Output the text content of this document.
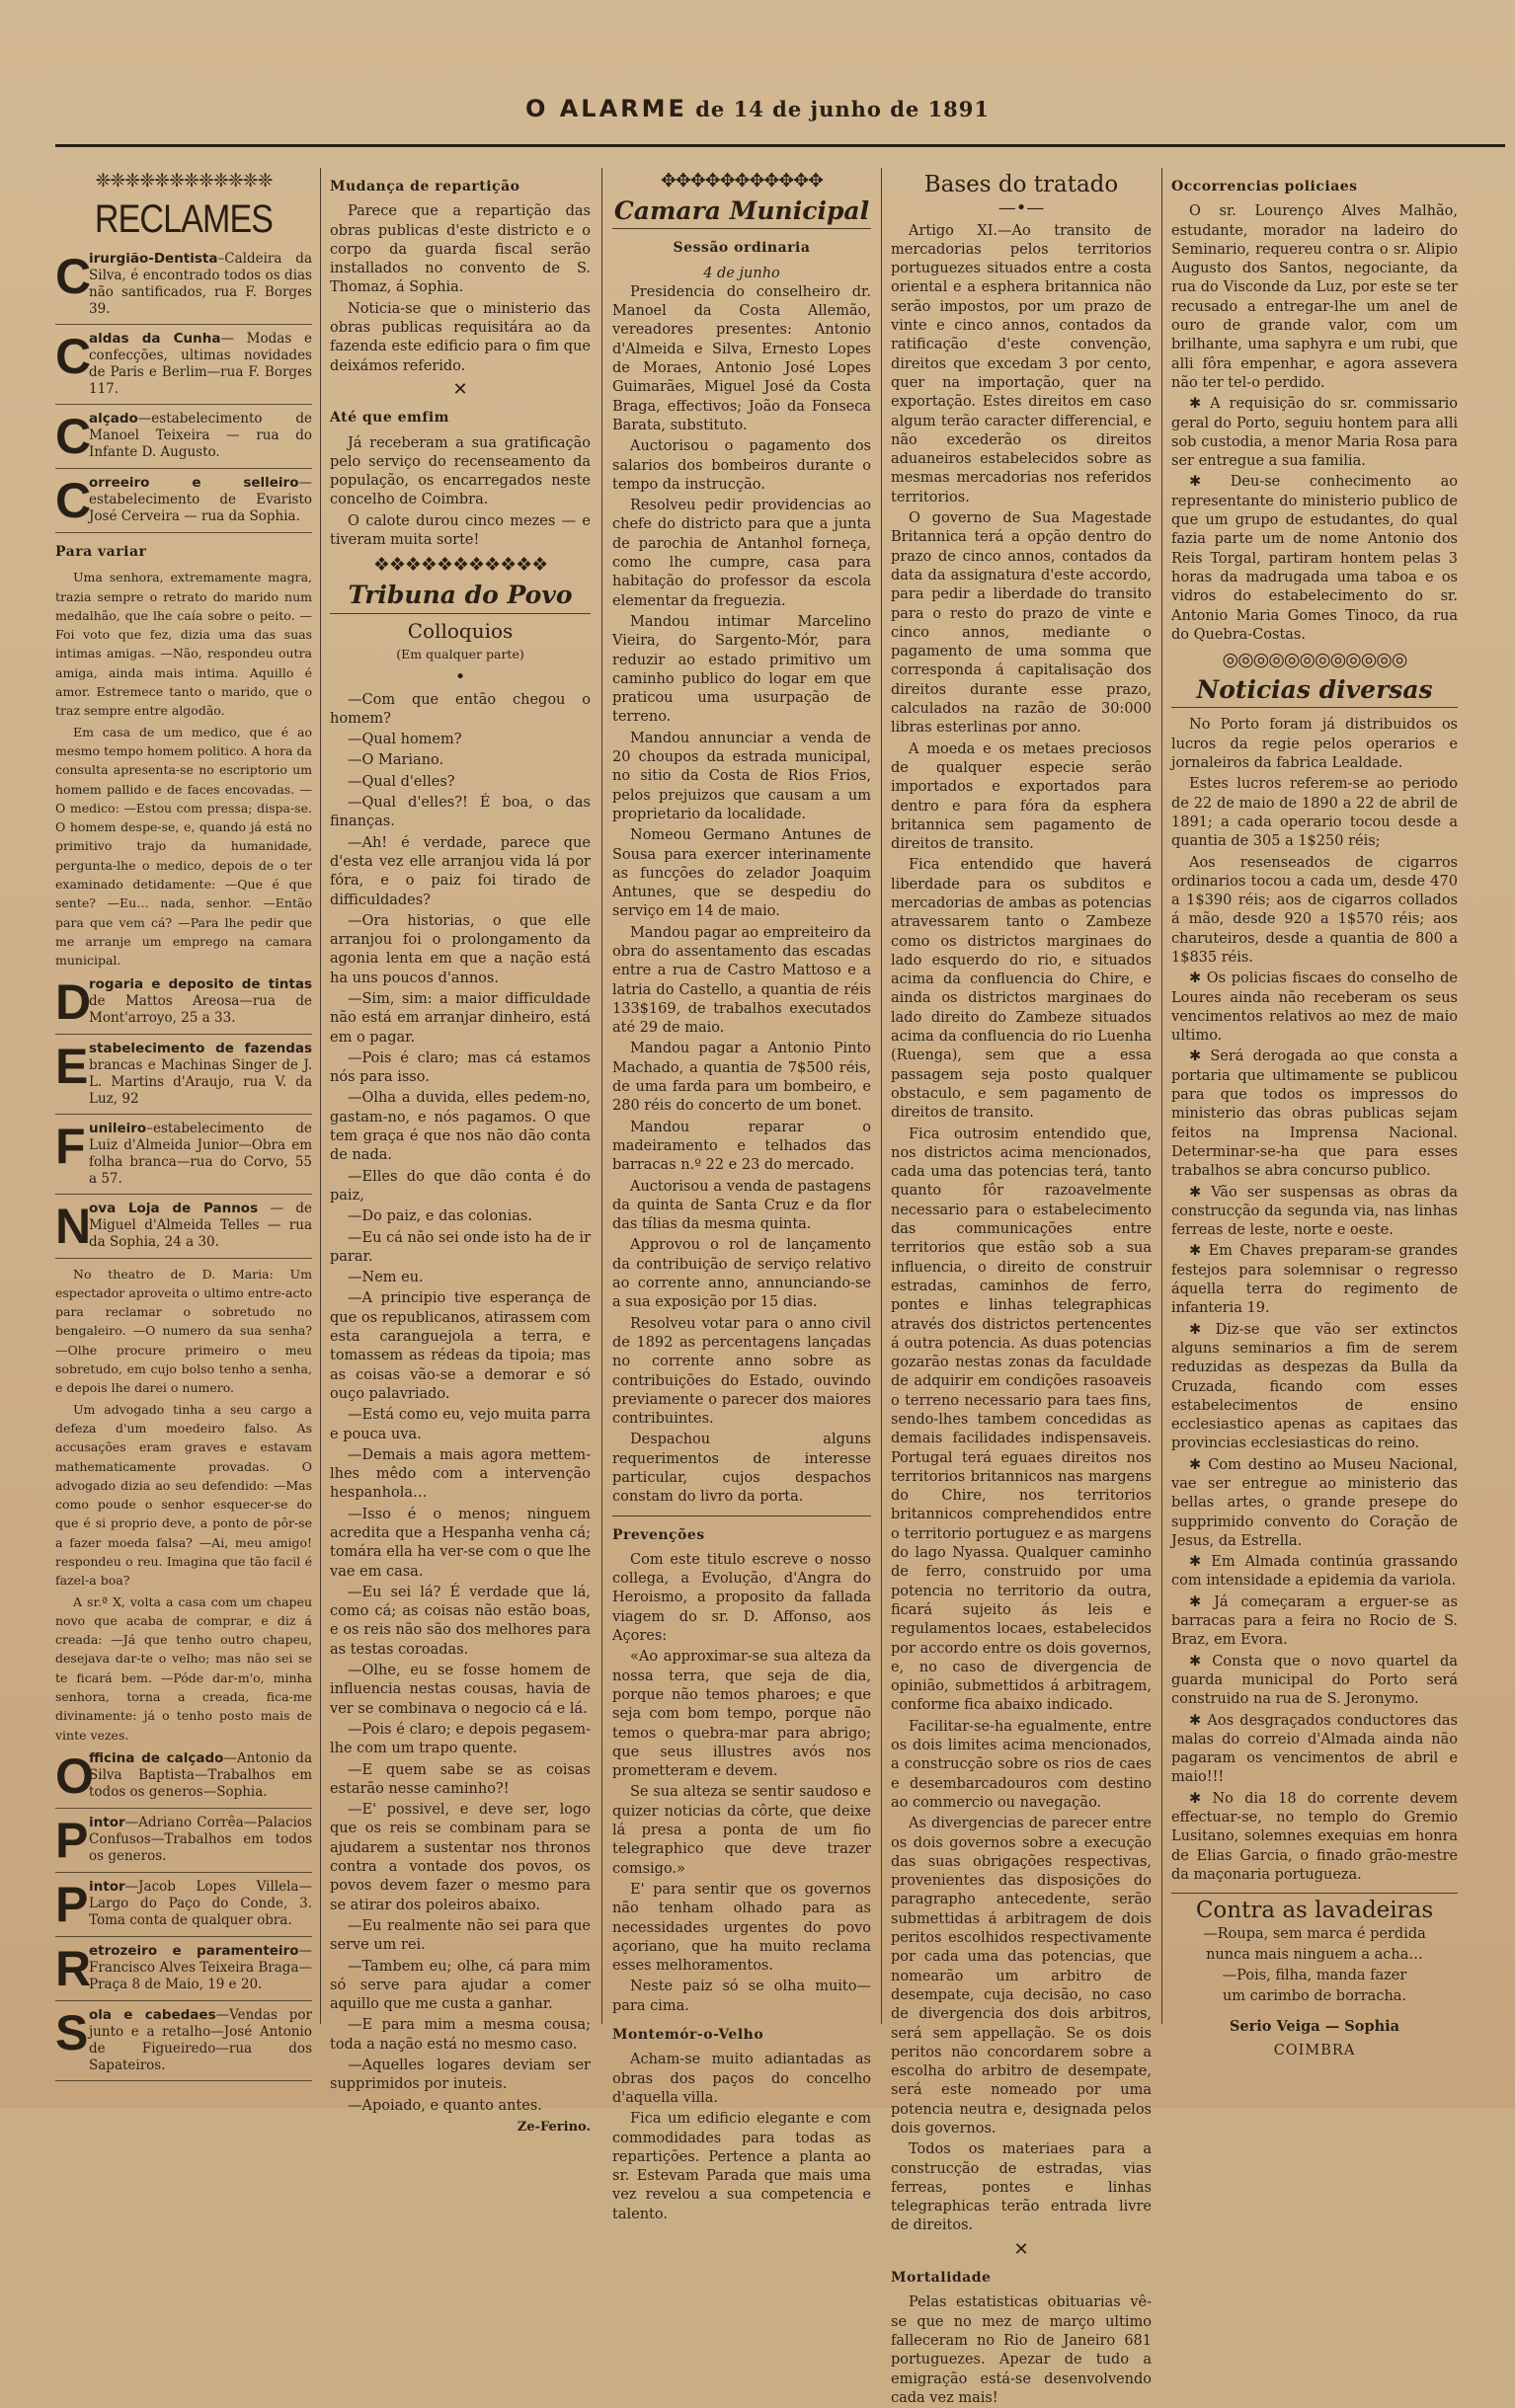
O ALARME de 14 de junho de 1891
❈❈❈❈❈❈❈❈❈❈❈❈
RECLAMES
C
irurgião-Dentista–Caldeira da Silva, é encontrado todos os dias não santificados, rua F. Borges 39.
C
aldas da Cunha— Modas e confecções, ultimas novidades de Paris e Berlim—rua F. Borges 117.
C
alçado—estabelecimento de Manoel Teixeira — rua do Infante D. Augusto.
C
orreeiro e selleiro— estabelecimento de Evaristo José Cerveira — rua da Sophia.
Para variar

Uma senhora, extremamente magra, trazia sempre o retrato do marido num medalhão, que lhe caía sobre o peito. —Foi voto que fez, dizia uma das suas intimas amigas. —Não, respondeu outra amiga, ainda mais intima. Aquillo é amor. Estremece tanto o marido, que o traz sempre entre algodão.

Em casa de um medico, que é ao mesmo tempo homem politico. A hora da consulta apresenta-se no escriptorio um homem pallido e de faces encovadas. —O medico: —Estou com pressa; dispa-se. O homem despe-se, e, quando já está no primitivo trajo da humanidade, pergunta-lhe o medico, depois de o ter examinado detidamente: —Que é que sente? —Eu… nada, senhor. —Então para que vem cá? —Para lhe pedir que me arranje um emprego na camara municipal.

D
rogaria e deposito de tintas de Mattos Areosa—rua de Mont'arroyo, 25 a 33.
E stabelecimento de fazendas brancas e Machinas Singer de J. L. Martins d'Araujo, rua V. da Luz, 92
F unileiro–estabelecimento de Luiz d'Almeida Junior—Obra em folha branca—rua do Corvo, 55 a 57.
N
ova Loja de Pannos — de Miguel d'Almeida Telles — rua da Sophia, 24 a 30.

No theatro de D. Maria: Um espectador aproveita o ultimo entre-acto para reclamar o sobretudo no bengaleiro. —O numero da sua senha? —Olhe procure primeiro o meu sobretudo, em cujo bolso tenho a senha, e depois lhe darei o numero.

Um advogado tinha a seu cargo a defeza d'um moedeiro falso. As accusações eram graves e estavam mathematicamente provadas. O advogado dizia ao seu defendido: —Mas como poude o senhor esquecer-se do que é si proprio deve, a ponto de pôr-se a fazer moeda falsa? —Ai, meu amigo! respondeu o reu. Imagina que tão facil é fazel-a boa?

A sr.ª X, volta a casa com um chapeu novo que acaba de comprar, e diz á creada: —Já que tenho outro chapeu, desejava dar-te o velho; mas não sei se te ficará bem. —Póde dar-m'o, minha senhora, torna a creada, fica-me divinamente: já o tenho posto mais de vinte vezes.

O
fficina de calçado—Antonio da Silva Baptista—Trabalhos em todos os generos—Sophia.
P intor—Adriano Corrêa—Palacios Confusos—Trabalhos em todos os generos.
P intor—Jacob Lopes Villela—Largo do Paço do Conde, 3. Toma conta de qualquer obra.
R
etrozeiro e paramenteiro—Francisco Alves Teixeira Braga—Praça 8 de Maio, 19 e 20.
S ola e cabedaes—Vendas por junto e a retalho—José Antonio de Figueiredo—rua dos Sapateiros.
Mudança de repartição

Parece que a repartição das obras publicas d'este districto e o corpo da guarda fiscal serão installados no convento de S. Thomaz, á Sophia.

Noticia-se que o ministerio das obras publicas requisitára ao da fazenda este edificio para o fim que deixámos referido.

✕
Até que emfim

Já receberam a sua gratificação pelo serviço do recenseamento da população, os encarregados neste concelho de Coimbra.

O calote durou cinco mezes — e tiveram muita sorte!

❖❖❖❖❖❖❖❖❖❖❖
Tribuna do Povo
Colloquios
(Em qualquer parte)
•

—Com que então chegou o homem?

—Qual homem?

—O Mariano.

—Qual d'elles?

—Qual d'elles?! É boa, o das finanças.

—Ah! é verdade, parece que d'esta vez elle arranjou vida lá por fóra, e o paiz foi tirado de difficuldades?

—Ora historias, o que elle arranjou foi o prolongamento da agonia lenta em que a nação está ha uns poucos d'annos.

—Sim, sim: a maior difficuldade não está em arranjar dinheiro, está em o pagar.

—Pois é claro; mas cá estamos nós para isso.

—Olha a duvida, elles pedem-no, gastam-no, e nós pagamos. O que tem graça é que nos não dão conta de nada.

—Elles do que dão conta é do paiz,

—Do paiz, e das colonias.

—Eu cá não sei onde isto ha de ir parar.

—Nem eu.

—A principio tive esperança de que os republicanos, atirassem com esta caranguejola a terra, e tomassem as rédeas da tipoia; mas as coisas vão-se a demorar e só ouço palavriado.

—Está como eu, vejo muita parra e pouca uva.

—Demais a mais agora mettem-lhes mêdo com a intervenção hespanhola…

—Isso é o menos; ninguem acredita que a Hespanha venha cá; tomára ella ha ver-se com o que lhe vae em casa.

—Eu sei lá? É verdade que lá, como cá; as coisas não estão boas, e os reis não são dos melhores para as testas coroadas.

—Olhe, eu se fosse homem de influencia nestas cousas, havia de ver se combinava o negocio cá e lá.

—Pois é claro; e depois pegasem-lhe com um trapo quente.

—E quem sabe se as coisas estarão nesse caminho?!

—E' possivel, e deve ser, logo que os reis se combinam para se ajudarem a sustentar nos thronos contra a vontade dos povos, os povos devem fazer o mesmo para se atirar dos poleiros abaixo.

—Eu realmente não sei para que serve um rei.

—Tambem eu; olhe, cá para mim só serve para ajudar a comer aquillo que me custa a ganhar.

—E para mim a mesma cousa; toda a nação está no mesmo caso.

—Aquelles logares deviam ser supprimidos por inuteis.

—Apoiado, e quanto antes.

Ze-Ferino.
✥✥✥✥✥✥✥✥✥✥✥
Camara Municipal
Sessão ordinaria
4 de junho

Presidencia do conselheiro dr. Manoel da Costa Allemão, vereadores presentes: Antonio d'Almeida e Silva, Ernesto Lopes de Moraes, Antonio José Lopes Guimarães, Miguel José da Costa Braga, effectivos; João da Fonseca Barata, substituto.

Auctorisou o pagamento dos salarios dos bombeiros durante o tempo da instrucção.

Resolveu pedir providencias ao chefe do districto para que a junta de parochia de Antanhol forneça, como lhe cumpre, casa para habitação do professor da escola elementar da freguezia.

Mandou intimar Marcelino Vieira, do Sargento-Mór, para reduzir ao estado primitivo um caminho publico do logar em que praticou uma usurpação de terreno.

Mandou annunciar a venda de 20 choupos da estrada municipal, no sitio da Costa de Rios Frios, pelos prejuizos que causam a um proprietario da localidade.

Nomeou Germano Antunes de Sousa para exercer interinamente as funcções do zelador Joaquim Antunes, que se despediu do serviço em 14 de maio.

Mandou pagar ao empreiteiro da obra do assentamento das escadas entre a rua de Castro Mattoso e a latria do Castello, a quantia de réis 133$169, de trabalhos executados até 29 de maio.

Mandou pagar a Antonio Pinto Machado, a quantia de 7$500 réis, de uma farda para um bombeiro, e 280 réis do concerto de um bonet.

Mandou reparar o madeiramento e telhados das barracas n.º 22 e 23 do mercado.

Auctorisou a venda de pastagens da quinta de Santa Cruz e da flor das tílias da mesma quinta.

Approvou o rol de lançamento da contribuição de serviço relativo ao corrente anno, annunciando-se a sua exposição por 15 dias.

Resolveu votar para o anno civil de 1892 as percentagens lançadas no corrente anno sobre as contribuições do Estado, ouvindo previamente o parecer dos maiores contribuintes.

Despachou alguns requerimentos de interesse particular, cujos despachos constam do livro da porta.

Prevenções

Com este titulo escreve o nosso collega, a Evolução, d'Angra do Heroismo, a proposito da fallada viagem do sr. D. Affonso, aos Açores:

«Ao approximar-se sua alteza da nossa terra, que seja de dia, porque não temos pharoes; e que seja com bom tempo, porque não temos o quebra-mar para abrigo; que seus illustres avós nos prometteram e devem.

Se sua alteza se sentir saudoso e quizer noticias da côrte, que deixe lá presa a ponta de um fio telegraphico que deve trazer comsigo.»

E' para sentir que os governos não tenham olhado para as necessidades urgentes do povo açoriano, que ha muito reclama esses melhoramentos.

Neste paiz só se olha muito—para cima.

Montemór-o-Velho

Acham-se muito adiantadas as obras dos paços do concelho d'aquella villa.

Fica um edificio elegante e com commodidades para todas as repartições. Pertence a planta ao sr. Estevam Parada que mais uma vez revelou a sua competencia e talento.

Bases do tratado
—•—

Artigo XI.—Ao transito de mercadorias pelos territorios portuguezes situados entre a costa oriental e a esphera britannica não serão impostos, por um prazo de vinte e cinco annos, contados da ratificação d'este convenção, direitos que excedam 3 por cento, quer na importação, quer na exportação. Estes direitos em caso algum terão caracter differencial, e não excederão os direitos aduaneiros estabelecidos sobre as mesmas mercadorias nos referidos territorios.

O governo de Sua Magestade Britannica terá a opção dentro do prazo de cinco annos, contados da data da assignatura d'este accordo, para pedir a liberdade do transito para o resto do prazo de vinte e cinco annos, mediante o pagamento de uma somma que corresponda á capitalisação dos direitos durante esse prazo, calculados na razão de 30:000 libras esterlinas por anno.

A moeda e os metaes preciosos de qualquer especie serão importados e exportados para dentro e para fóra da esphera britannica sem pagamento de direitos de transito.

Fica entendido que haverá liberdade para os subditos e mercadorias de ambas as potencias atravessarem tanto o Zambeze como os districtos marginaes do lado esquerdo do rio, e situados acima da confluencia do Chire, e ainda os districtos marginaes do lado direito do Zambeze situados acima da confluencia do rio Luenha (Ruenga), sem que a essa passagem seja posto qualquer obstaculo, e sem pagamento de direitos de transito.

Fica outrosim entendido que, nos districtos acima mencionados, cada uma das potencias terá, tanto quanto fôr razoavelmente necessario para o estabelecimento das communicações entre territorios que estão sob a sua influencia, o direito de construir estradas, caminhos de ferro, pontes e linhas telegraphicas através dos districtos pertencentes á outra potencia. As duas potencias gozarão nestas zonas da faculdade de adquirir em condições rasoaveis o terreno necessario para taes fins, sendo-lhes tambem concedidas as demais facilidades indispensaveis. Portugal terá eguaes direitos nos territorios britannicos nas margens do Chire, nos territorios britannicos comprehendidos entre o territorio portuguez e as margens do lago Nyassa. Qualquer caminho de ferro, construido por uma potencia no territorio da outra, ficará sujeito ás leis e regulamentos locaes, estabelecidos por accordo entre os dois governos, e, no caso de divergencia de opinião, submettidos á arbitragem, conforme fica abaixo indicado.

Facilitar-se-ha egualmente, entre os dois limites acima mencionados, a construcção sobre os rios de caes e desembarcadouros com destino ao commercio ou navegação.

As divergencias de parecer entre os dois governos sobre a execução das suas obrigações respectivas, provenientes das disposições do paragrapho antecedente, serão submettidas á arbitragem de dois peritos escolhidos respectivamente por cada uma das potencias, que nomearão um arbitro de desempate, cuja decisão, no caso de divergencia dos dois arbitros, será sem appellação. Se os dois peritos não concordarem sobre a escolha do arbitro de desempate, será este nomeado por uma potencia neutra e, designada pelos dois governos.

Todos os materiaes para a construcção de estradas, vias ferreas, pontes e linhas telegraphicas terão entrada livre de direitos.

✕
Mortalidade

Pelas estatisticas obituarias vê-se que no mez de março ultimo falleceram no Rio de Janeiro 681 portuguezes. Apezar de tudo a emigração está-se desenvolvendo cada vez mais!

Occorrencias policiaes

O sr. Lourenço Alves Malhão, estudante, morador na ladeiro do Seminario, requereu contra o sr. Alipio Augusto dos Santos, negociante, da rua do Visconde da Luz, por este se ter recusado a entregar-lhe um anel de ouro de grande valor, com um brilhante, uma saphyra e um rubi, que alli fôra empenhar, e agora assevera não ter tel-o perdido.

✱ A requisição do sr. commissario geral do Porto, seguiu hontem para alli sob custodia, a menor Maria Rosa para ser entregue a sua familia.

✱ Deu-se conhecimento ao representante do ministerio publico de que um grupo de estudantes, do qual fazia parte um de nome Antonio dos Reis Torgal, partiram hontem pelas 3 horas da madrugada uma taboa e os vidros do estabelecimento do sr. Antonio Maria Gomes Tinoco, da rua do Quebra-Costas.

◎◎◎◎◎◎◎◎◎◎◎◎
Noticias diversas

No Porto foram já distribuidos os lucros da regie pelos operarios e jornaleiros da fabrica Lealdade.

Estes lucros referem-se ao periodo de 22 de maio de 1890 a 22 de abril de 1891; a cada operario tocou desde a quantia de 305 a 1$250 réis;

Aos resenseados de cigarros ordinarios tocou a cada um, desde 470 a 1$390 réis; aos de cigarros collados á mão, desde 920 a 1$570 réis; aos charuteiros, desde a quantia de 800 a 1$835 réis.

✱ Os policias fiscaes do conselho de Loures ainda não receberam os seus vencimentos relativos ao mez de maio ultimo.

✱ Será derogada ao que consta a portaria que ultimamente se publicou para que todos os impressos do ministerio das obras publicas sejam feitos na Imprensa Nacional. Determinar-se-ha que para esses trabalhos se abra concurso publico.

✱ Vão ser suspensas as obras da construcção da segunda via, nas linhas ferreas de leste, norte e oeste.

✱ Em Chaves preparam-se grandes festejos para solemnisar o regresso áquella terra do regimento de infanteria 19.

✱ Diz-se que vão ser extinctos alguns seminarios a fim de serem reduzidas as despezas da Bulla da Cruzada, ficando com esses estabelecimentos de ensino ecclesiastico apenas as capitaes das provincias ecclesiasticas do reino.

✱ Com destino ao Museu Nacional, vae ser entregue ao ministerio das bellas artes, o grande presepe do supprimido convento do Coração de Jesus, da Estrella.

✱ Em Almada continúa grassando com intensidade a epidemia da variola.

✱ Já começaram a erguer-se as barracas para a feira no Rocio de S. Braz, em Evora.

✱ Consta que o novo quartel da guarda municipal do Porto será construido na rua de S. Jeronymo.

✱ Aos desgraçados conductores das malas do correio d'Almada ainda não pagaram os vencimentos de abril e maio!!!

✱ No dia 18 do corrente devem effectuar-se, no templo do Gremio Lusitano, solemnes exequias em honra de Elias Garcia, o finado grão-mestre da maçonaria portugueza.

Contra as lavadeiras

—Roupa, sem marca é perdida

nunca mais ninguem a acha…

—Pois, filha, manda fazer

um carimbo de borracha.

Serio Veiga — Sophia
COIMBRA
